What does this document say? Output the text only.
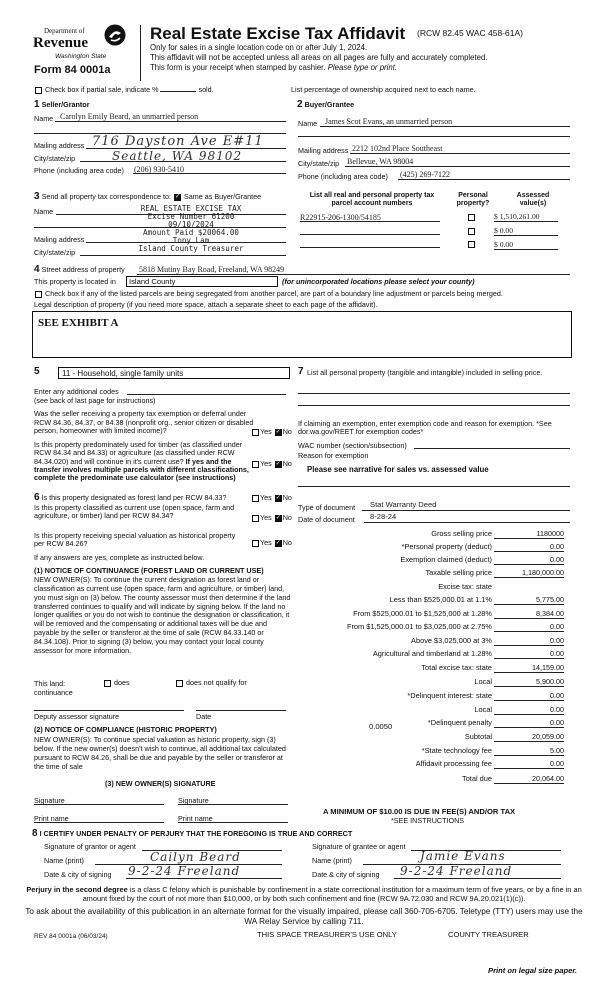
Department of
Revenue
Washington State
Form 84 0001a
Real Estate Excise Tax Affidavit (RCW 82.45 WAC 458-61A)
Only for sales in a single location code on or after July 1, 2024.
This affidavit will not be accepted unless all areas on all pages are fully and accurately completed.
This form is your receipt when stamped by cashier. Please type or print.
Check box if partial sale, indicate %	sold.	List percentage of ownership acquired next to each name.
1 Seller/Grantor
Name Carolyn Emily Beard, an unmarried person
Mailing address 716 Dayston Ave E#11
City/state/zip	Seattle, WA 98102
Phone (including area code) (206) 930-5410
2 Buyer/Grantee
Name James Scot Evans, an unmarried person
Mailing address 2212 102nd Place Southeast
City/state/zip Bellevue, WA 98004
Phone (including area code) (425) 269-7122
3 Send all property tax correspondence to: ✓ Same as Buyer/Grantee
Name
Mailing address
City/state/zip
REAL ESTATE EXCISE TAX
Excise Number 61200
09/10/2024
Amount Paid $20064.00
Tony Lam
Island County Treasurer
List all real and personal property tax parcel account numbers
Personal property?
Assessed value(s)
R22915-206-1300/54185	$ 1,510,261.00
$ 0.00
$ 0.00
4 Street address of property 5818 Mutiny Bay Road, Freeland, WA 98249
This property is located in Island County	(for unincorporated locations please select your county)
Check box if any of the listed parcels are being segregated from another parcel, are part of a boundary line adjustment or parcels being merged.
Legal description of property (if you need more space, attach a separate sheet to each page of the affidavit).
SEE EXHIBIT A
5	11 - Household, single family units
Enter any additional codes
(see back of last page for instructions)
Was the seller receiving a property tax exemption or deferral under RCW 84.36, 84.37, or 84.38 (nonprofit org., senior citizen or disabled person, homeowner with limited income)?	Yes ✓ No
Is this property predominately used for timber (as classified under RCW 84.34 and 84.33) or agriculture (as classified under RCW 84.34.020) and will continue in it's current use? If yes and the transfer involves multiple parcels with different classifications, complete the predominate use calculator (see instructions)
Yes ✓ No
6 Is this property designated as forest land per RCW 84.33?	Yes ✓ No
Is this property classified as current use (open space, farm and agriculture, or timber) land per RCW 84.34?	Yes ✓ No
Is this property receiving special valuation as historical property per RCW 84.26?	Yes ✓ No
If any answers are yes, complete as instructed below.
(1) NOTICE OF CONTINUANCE (FOREST LAND OR CURRENT USE)
NEW OWNER(S): To continue the current designation as forest land or classification as current use (open space, farm and agriculture, or timber) land, you must sign on (3) below. The county assessor must then determine if the land transferred continues to qualify and will indicate by signing below. If the land no longer qualifies or you do not wish to continue the designation or classification, it will be removed and the compensating or additional taxes will be due and payable by the seller or transferor at the time of sale (RCW 84.33.140 or 84.34.108). Prior to signing (3) below, you may contact your local county assessor for more information.
This land:	does	does not qualify for
continuance
Deputy assessor signature	Date
(2) NOTICE OF COMPLIANCE (HISTORIC PROPERTY)
NEW OWNER(S): To continue special valuation as historic property, sign (3) below. If the new owner(s) doesn't wish to continue, all additional tax calculated pursuant to RCW 84.26, shall be due and payable by the seller or transferor at the time of sale
(3) NEW OWNER(S) SIGNATURE
Signature	Signature
Print name	Print name
7 List all personal property (tangible and intangible) included in selling price.
If claiming an exemption, enter exemption code and reason for exemption. *See dor.wa.gov/REET for exemption codes*
WAC number (section/subsection)
Reason for exemption
Please see narrative for sales vs. assessed value
Type of document Stat Warranty Deed
Date of document 8-28-24
Gross selling price	1180000
*Personal property (deduct)	0.00
Exemption claimed (deduct)	0.00
Taxable selling price	1,180,000.00
Excise tax: state
Less than $525,000.01 at 1.1%	5,775.00
From $525,000.01 to $1,525,000 at 1.28%	8,384.00
From $1,525,000.01 to $3,025,000 at 2.75%	0.00
Above $3,025,000 at 3%	0.00
Agricultural and timberland at 1.28%	0.00
Total excise tax: state	14,159.00
Local	5,900.00
*Delinquent interest: state	0.00
Local	0.00
*Delinquent penalty	0.00
Subtotal	20,059.00
*State technology fee	5.00
Affidavit processing fee	0.00
Total due	20,064.00
0.0050
A MINIMUM OF $10.00 IS DUE IN FEE(S) AND/OR TAX
*SEE INSTRUCTIONS
8 I CERTIFY UNDER PENALTY OF PERJURY THAT THE FOREGOING IS TRUE AND CORRECT
Signature of grantor or agent
Name (print)	Cailyn Beard
Date & city of signing 9-2-24 Freeland
Signature of grantee or agent
Name (print)	Jamie Evans
Date & city of signing 9-2-24 Freeland
Perjury in the second degree is a class C felony which is punishable by confinement in a state correctional institution for a maximum term of five years, or by a fine in an amount fixed by the court of not more than $10,000, or by both such confinement and fine (RCW 9A.72.030 and RCW 9A.20.021(1)(c)).
To ask about the availability of this publication in an alternate format for the visually impaired, please call 360-705-6705. Teletype (TTY) users may use the WA Relay Service by calling 711.
REV 84 0001a (06/03/24)	THIS SPACE TREASURER'S USE ONLY	COUNTY TREASURER
Print on legal size paper.
